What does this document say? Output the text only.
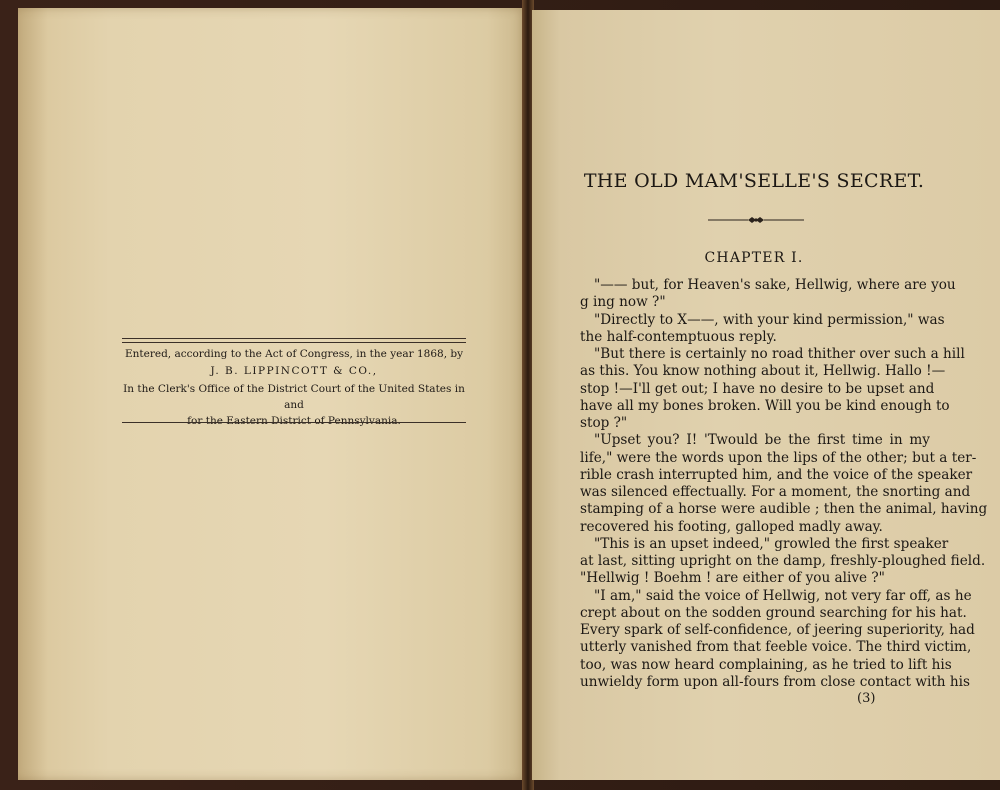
Entered, according to the Act of Congress, in the year 1868, by

J. B. LIPPINCOTT & CO.,

In the Clerk's Office of the District Court of the United States in and

for the Eastern District of Pennsylvania.

THE OLD MAM'SELLE'S SECRET.
CHAPTER I.
"—— but, for Heaven's sake, Hellwig, where are you
g ing now ?"
"Directly to X——, with your kind permission," was
the half-contemptuous reply.
"But there is certainly no road thither over such a hill
as this. You know nothing about it, Hellwig. Hallo !—
stop !—I'll get out; I have no desire to be upset and
have all my bones broken. Will you be kind enough to
stop ?"
"Upset you? I! 'Twould be the first time in my
life," were the words upon the lips of the other; but a ter-
rible crash interrupted him, and the voice of the speaker
was silenced effectually. For a moment, the snorting and
stamping of a horse were audible ; then the animal, having
recovered his footing, galloped madly away.
"This is an upset indeed," growled the first speaker
at last, sitting upright on the damp, freshly-ploughed field.
"Hellwig ! Boehm ! are either of you alive ?"
"I am," said the voice of Hellwig, not very far off, as he
crept about on the sodden ground searching for his hat.
Every spark of self-confidence, of jeering superiority, had
utterly vanished from that feeble voice. The third victim,
too, was now heard complaining, as he tried to lift his
unwieldy form upon all-fours from close contact with his
(3)
